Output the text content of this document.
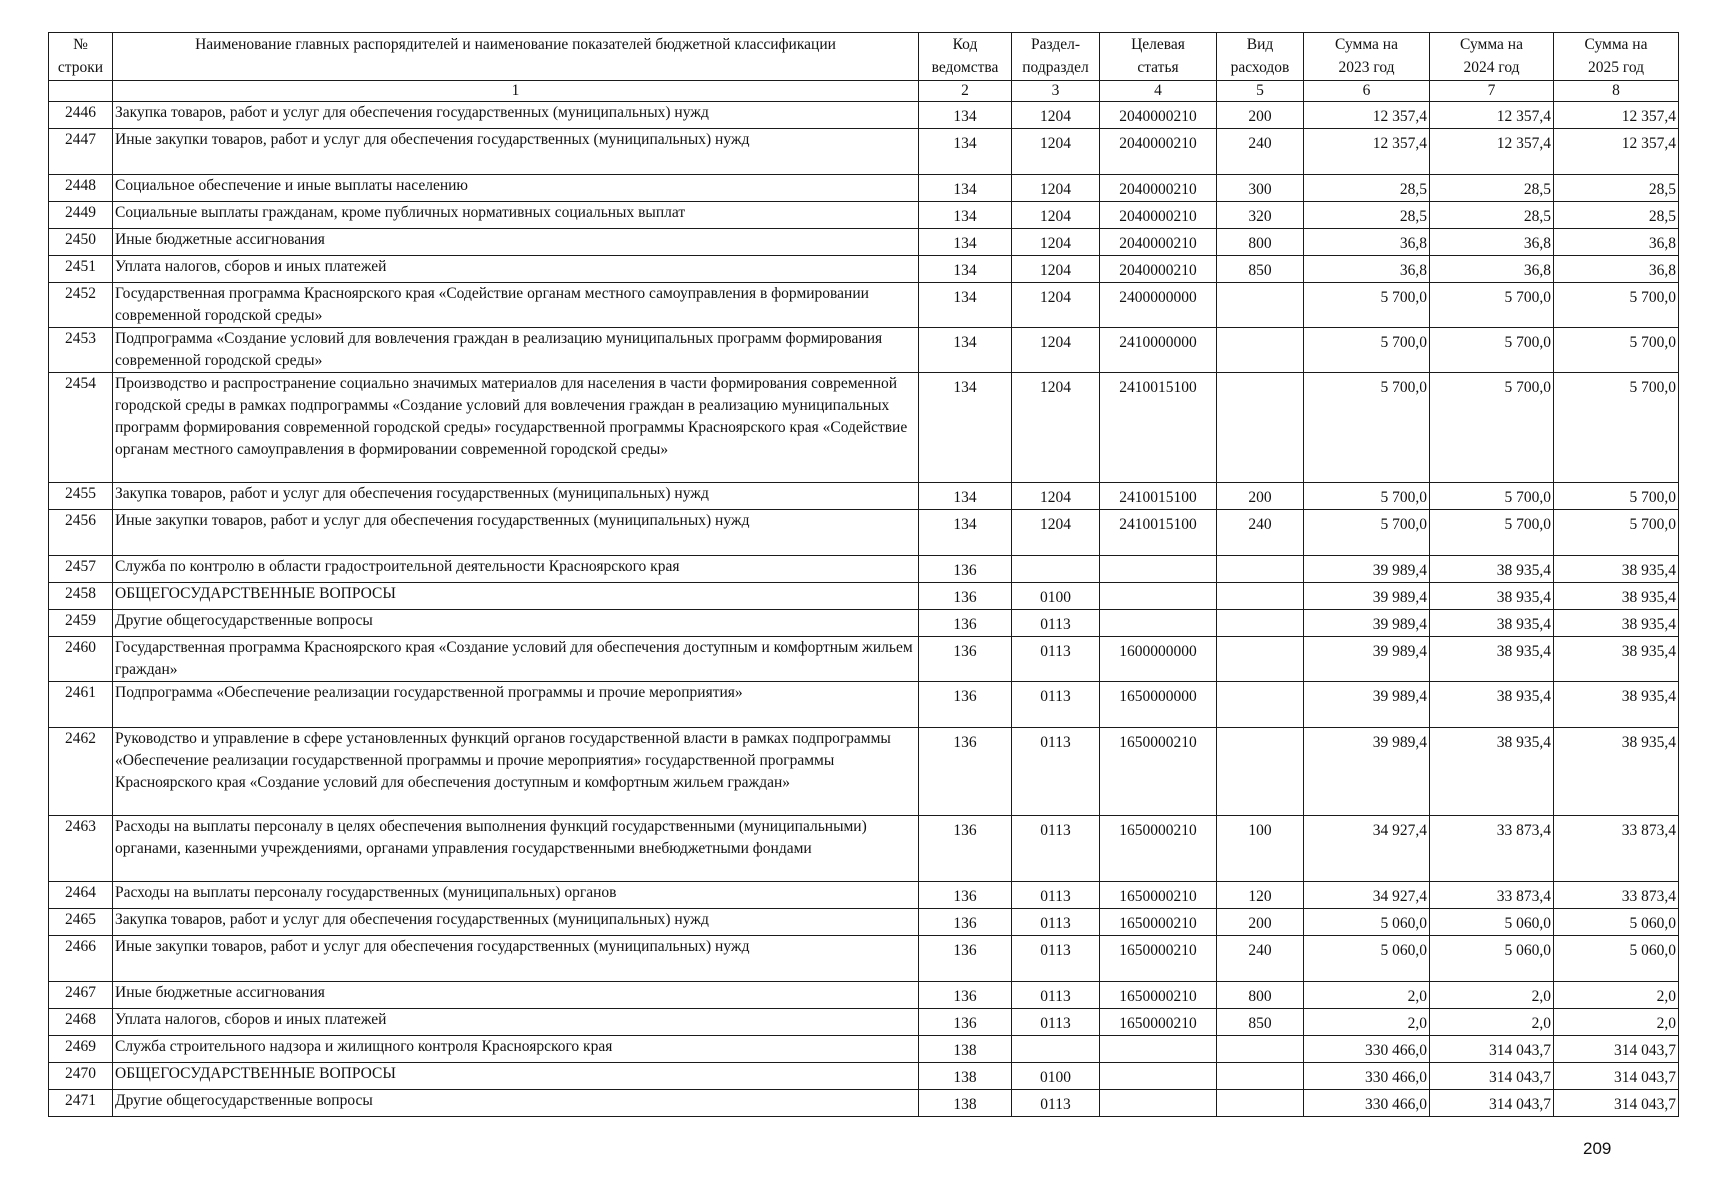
№ строки	Наименование главных распорядителей и наименование показателей бюджетной классификации	Код ведомства	Раздел-подраздел	Целевая статья	Вид расходов	Сумма на 2023 год	Сумма на 2024 год	Сумма на 2025 год
	1	2	3	4	5	6	7	8
2446	Закупка товаров, работ и услуг для обеспечения государственных (муниципальных) нужд	134	1204	2040000210	200	12 357,4	12 357,4	12 357,4
2447	Иные закупки товаров, работ и услуг для обеспечения государственных (муниципальных) нужд	134	1204	2040000210	240	12 357,4	12 357,4	12 357,4
2448	Социальное обеспечение и иные выплаты населению	134	1204	2040000210	300	28,5	28,5	28,5
2449	Социальные выплаты гражданам, кроме публичных нормативных социальных выплат	134	1204	2040000210	320	28,5	28,5	28,5
2450	Иные бюджетные ассигнования	134	1204	2040000210	800	36,8	36,8	36,8
2451	Уплата налогов, сборов и иных платежей	134	1204	2040000210	850	36,8	36,8	36,8
2452	Государственная программа Красноярского края «Содействие органам местного самоуправления в формировании современной городской среды»	134	1204	2400000000		5 700,0	5 700,0	5 700,0
2453	Подпрограмма «Создание условий для вовлечения граждан в реализацию муниципальных программ формирования современной городской среды»	134	1204	2410000000		5 700,0	5 700,0	5 700,0
2454	Производство и распространение социально значимых материалов для населения в части формирования современной городской среды в рамках подпрограммы «Создание условий для вовлечения граждан в реализацию муниципальных программ формирования современной городской среды» государственной программы Красноярского края «Содействие органам местного самоуправления в формировании современной городской среды»	134	1204	2410015100		5 700,0	5 700,0	5 700,0
2455	Закупка товаров, работ и услуг для обеспечения государственных (муниципальных) нужд	134	1204	2410015100	200	5 700,0	5 700,0	5 700,0
2456	Иные закупки товаров, работ и услуг для обеспечения государственных (муниципальных) нужд	134	1204	2410015100	240	5 700,0	5 700,0	5 700,0
2457	Служба по контролю в области градостроительной деятельности Красноярского края	136				39 989,4	38 935,4	38 935,4
2458	ОБЩЕГОСУДАРСТВЕННЫЕ ВОПРОСЫ	136	0100			39 989,4	38 935,4	38 935,4
2459	Другие общегосударственные вопросы	136	0113			39 989,4	38 935,4	38 935,4
2460	Государственная программа Красноярского края «Создание условий для обеспечения доступным и комфортным жильем граждан»	136	0113	1600000000		39 989,4	38 935,4	38 935,4
2461	Подпрограмма «Обеспечение реализации государственной программы и прочие мероприятия»	136	0113	1650000000		39 989,4	38 935,4	38 935,4
2462	Руководство и управление в сфере установленных функций органов государственной власти в рамках подпрограммы «Обеспечение реализации государственной программы и прочие мероприятия» государственной программы Красноярского края «Создание условий для обеспечения доступным и комфортным жильем граждан»	136	0113	1650000210		39 989,4	38 935,4	38 935,4
2463	Расходы на выплаты персоналу в целях обеспечения выполнения функций государственными (муниципальными) органами, казенными учреждениями, органами управления государственными внебюджетными фондами	136	0113	1650000210	100	34 927,4	33 873,4	33 873,4
2464	Расходы на выплаты персоналу государственных (муниципальных) органов	136	0113	1650000210	120	34 927,4	33 873,4	33 873,4
2465	Закупка товаров, работ и услуг для обеспечения государственных (муниципальных) нужд	136	0113	1650000210	200	5 060,0	5 060,0	5 060,0
2466	Иные закупки товаров, работ и услуг для обеспечения государственных (муниципальных) нужд	136	0113	1650000210	240	5 060,0	5 060,0	5 060,0
2467	Иные бюджетные ассигнования	136	0113	1650000210	800	2,0	2,0	2,0
2468	Уплата налогов, сборов и иных платежей	136	0113	1650000210	850	2,0	2,0	2,0
2469	Служба строительного надзора и жилищного контроля Красноярского края	138				330 466,0	314 043,7	314 043,7
2470	ОБЩЕГОСУДАРСТВЕННЫЕ ВОПРОСЫ	138	0100			330 466,0	314 043,7	314 043,7
2471	Другие общегосударственные вопросы	138	0113			330 466,0	314 043,7	314 043,7
209
